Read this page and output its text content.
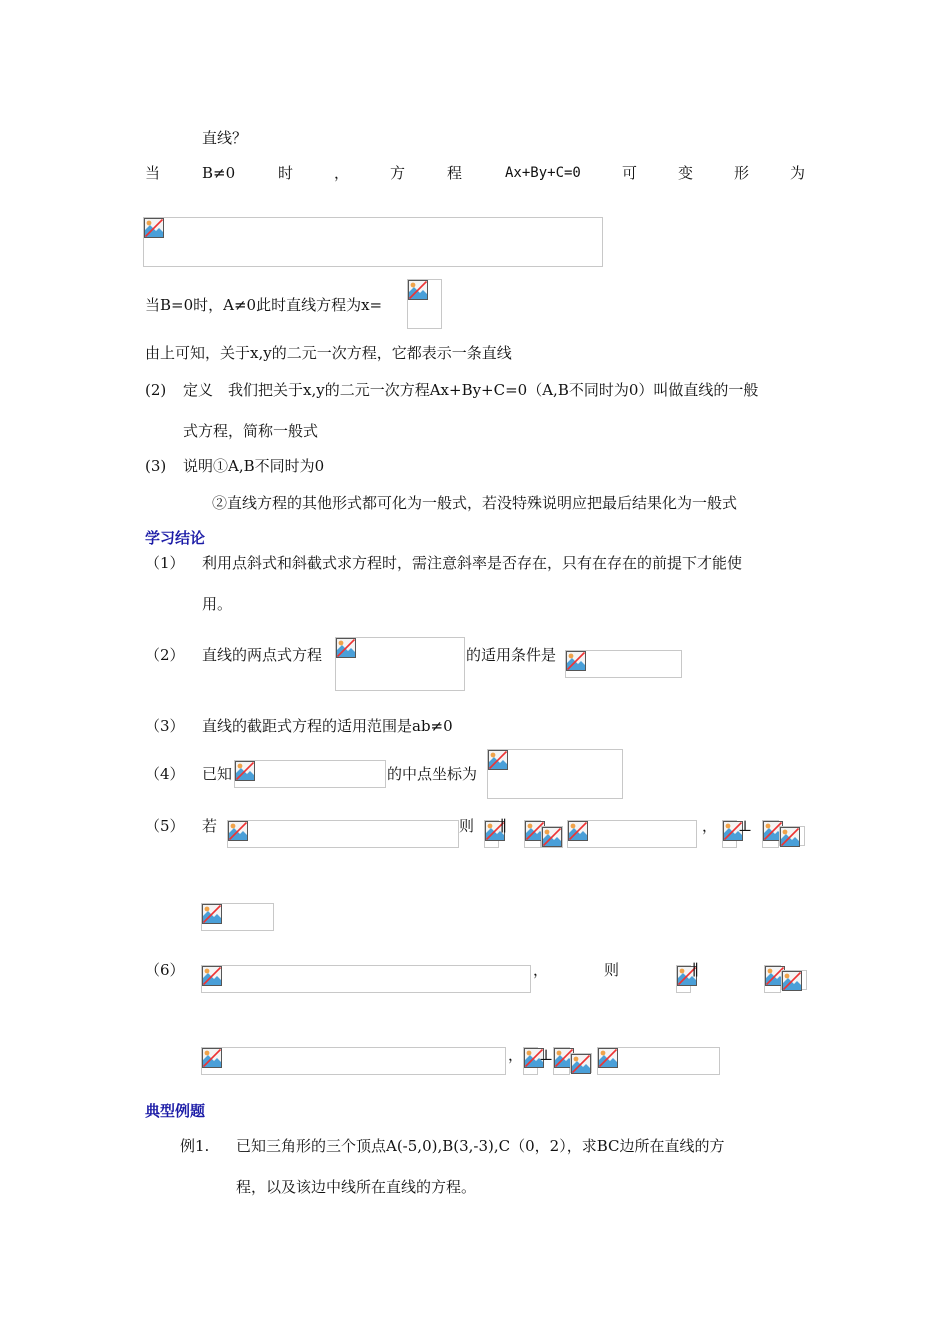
直线？
当	B≠0	时	，	方	程	Ax+By+C=0	可	变	形	为
当B=0时，A≠0此时直线方程为x=
由上可知，关于x,y的二元一次方程，它都表示一条直线
(2) 定义　我们把关于x,y的二元一次方程Ax+By+C=0（A,B不同时为0）叫做直线的一般
式方程，简称一般式
(3) 说明①A,B不同时为0
②直线方程的其他形式都可化为一般式，若没特殊说明应把最后结果化为一般式
学习结论
（1） 利用点斜式和斜截式求方程时，需注意斜率是否存在，只有在存在的前提下才能使
用。
（2） 直线的两点式方程	的适用条件是
（3） 直线的截距式方程的适用范围是ab≠0
（4） 已知	的中点坐标为
（5） 若	则 ∥	， ⊥
（6）	，	则	∥
， ⊥
典型例题
例1. 已知三角形的三个顶点A(-5,0),B(3,-3),C（0，2），求BC边所在直线的方
程，以及该边中线所在直线的方程。
